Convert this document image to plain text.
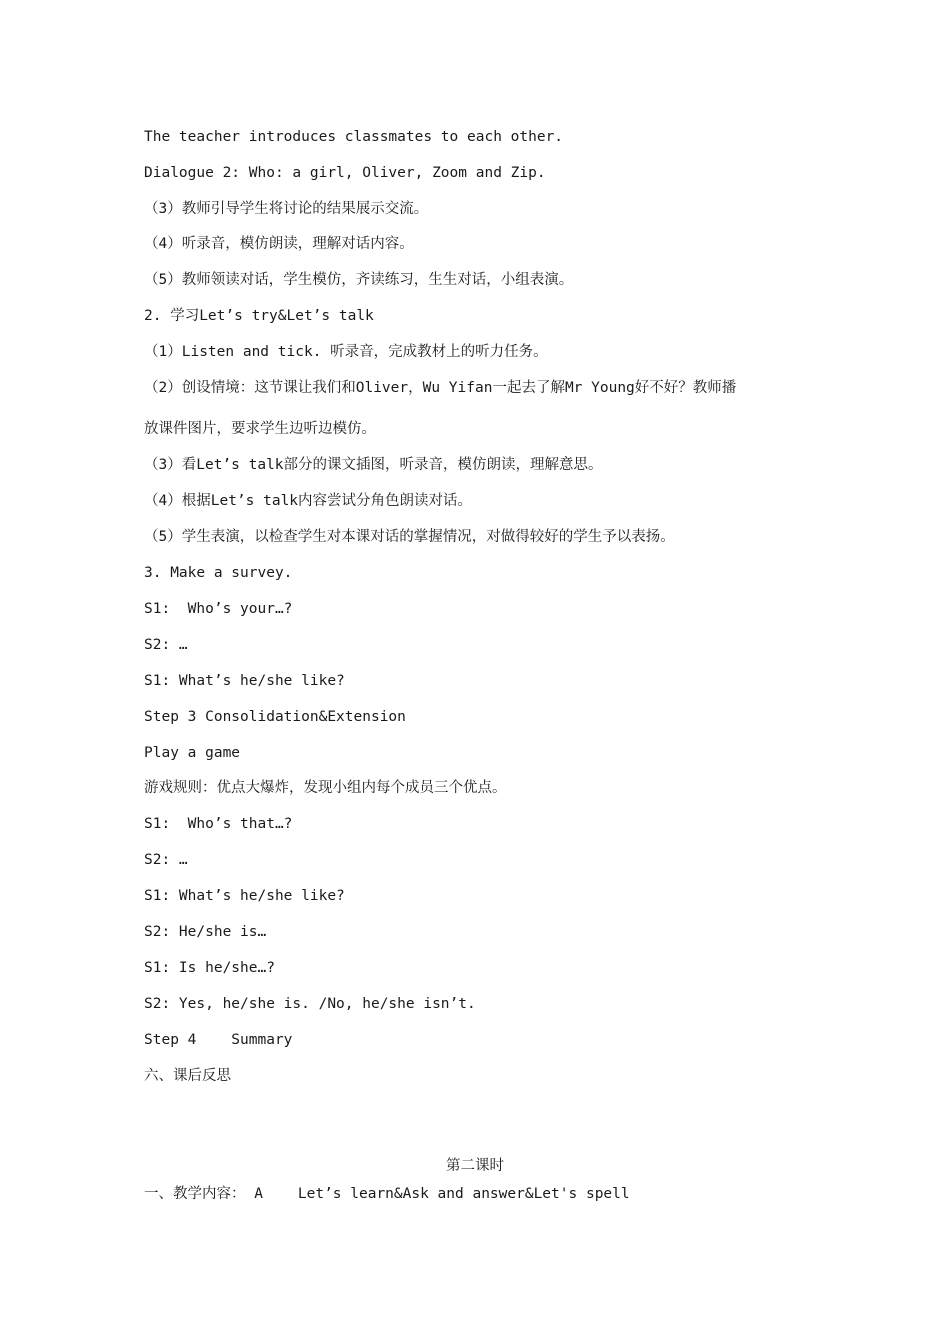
The teacher introduces classmates to each other.
Dialogue 2: Who: a girl, Oliver, Zoom and Zip.
（3）教师引导学生将讨论的结果展示交流。
（4）听录音，模仿朗读，理解对话内容。
（5）教师领读对话，学生模仿，齐读练习，生生对话，小组表演。
2. 学习Let’s try&Let’s talk
（1）Listen and tick. 听录音，完成教材上的听力任务。
（2）创设情境：这节课让我们和Oliver，Wu Yifan一起去了解Mr Young好不好？教师播
放课件图片，要求学生边听边模仿。
（3）看Let’s talk部分的课文插图，听录音，模仿朗读，理解意思。
（4）根据Let’s talk内容尝试分角色朗读对话。
（5）学生表演，以检查学生对本课对话的掌握情况，对做得较好的学生予以表扬。
3. Make a survey.
S1:  Who’s your…?
S2: …
S1: What’s he/she like?
Step 3 Consolidation&Extension
Play a game
游戏规则：优点大爆炸，发现小组内每个成员三个优点。
S1:  Who’s that…?
S2: …
S1: What’s he/she like?
S2: He/she is…
S1: Is he/she…?
S2: Yes, he/she is. /No, he/she isn’t.
Step 4    Summary
六、课后反思
第二课时
一、教学内容： A    Let’s learn&Ask and answer&Let's spell
